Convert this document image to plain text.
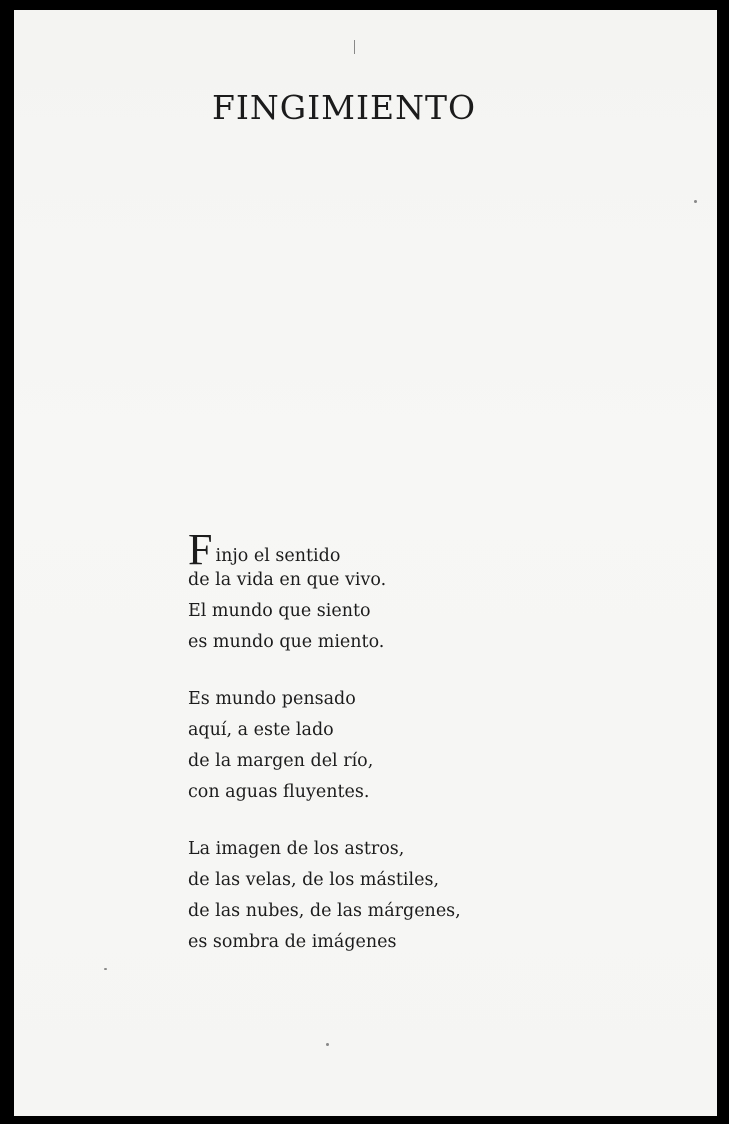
FINGIMIENTO
Finjo el sentido
de la vida en que vivo.
El mundo que siento
es mundo que miento.
Es mundo pensado
aquí, a este lado
de la margen del río,
con aguas fluyentes.
La imagen de los astros,
de las velas, de los mástiles,
de las nubes, de las márgenes,
es sombra de imágenes
